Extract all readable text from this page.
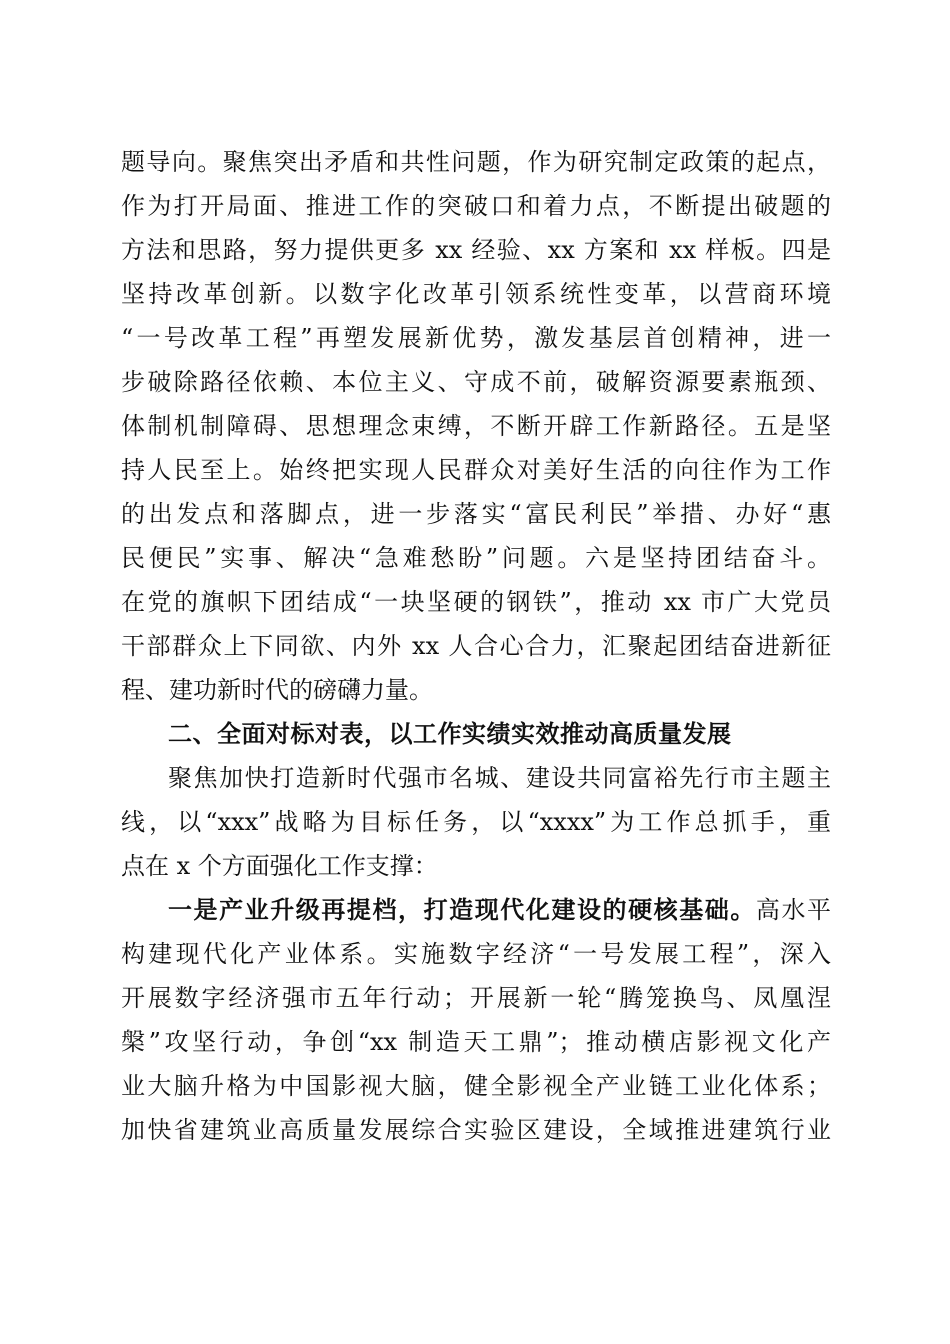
题导向。聚焦突出矛盾和共性问题，作为研究制定政策的起点，
作为打开局面、推进工作的突破口和着力点，不断提出破题的
方法和思路，努力提供更多 xx 经验、xx 方案和 xx 样板。四是
坚持改革创新。以数字化改革引领系统性变革，以营商环境
“一号改革工程”再塑发展新优势，激发基层首创精神，进一
步破除路径依赖、本位主义、守成不前，破解资源要素瓶颈、
体制机制障碍、思想理念束缚，不断开辟工作新路径。五是坚
持人民至上。始终把实现人民群众对美好生活的向往作为工作
的出发点和落脚点，进一步落实“富民利民”举措、办好“惠
民便民”实事、解决“急难愁盼”问题。六是坚持团结奋斗。
在党的旗帜下团结成“一块坚硬的钢铁”，推动 xx 市广大党员
干部群众上下同欲、内外 xx 人合心合力，汇聚起团结奋进新征
程、建功新时代的磅礴力量。
二、全面对标对表，以工作实绩实效推动高质量发展
聚焦加快打造新时代强市名城、建设共同富裕先行市主题主
线，以“xxx”战略为目标任务，以“xxxx”为工作总抓手，重
点在 x 个方面强化工作支撑：
一是产业升级再提档，打造现代化建设的硬核基础。高水平
构建现代化产业体系。实施数字经济“一号发展工程”，深入
开展数字经济强市五年行动；开展新一轮“腾笼换鸟、凤凰涅
槃”攻坚行动，争创“xx 制造天工鼎”；推动横店影视文化产
业大脑升格为中国影视大脑，健全影视全产业链工业化体系；
加快省建筑业高质量发展综合实验区建设，全域推进建筑行业
